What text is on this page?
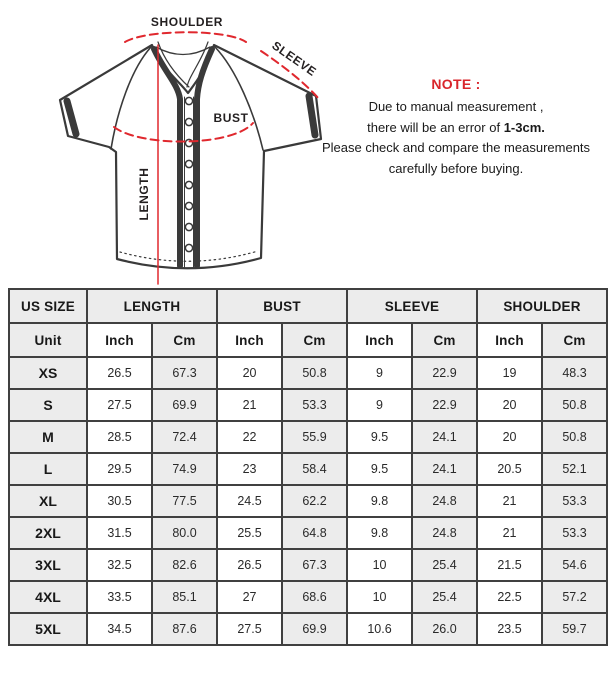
SHOULDER
SLEEVE
BUST
LENGTH
NOTE :
Due to manual measurement ,
there will be an error of 1-3cm.
Please check and compare the measurements
carefully before buying.
US SIZE	LENGTH		BUST		SLEEVE		SHOULDER	
Unit	Inch	Cm	Inch	Cm	Inch	Cm	Inch	Cm
XS	26.5	67.3	20	50.8	9	22.9	19	48.3
S	27.5	69.9	21	53.3	9	22.9	20	50.8
M	28.5	72.4	22	55.9	9.5	24.1	20	50.8
L	29.5	74.9	23	58.4	9.5	24.1	20.5	52.1
XL	30.5	77.5	24.5	62.2	9.8	24.8	21	53.3
2XL	31.5	80.0	25.5	64.8	9.8	24.8	21	53.3
3XL	32.5	82.6	26.5	67.3	10	25.4	21.5	54.6
4XL	33.5	85.1	27	68.6	10	25.4	22.5	57.2
5XL	34.5	87.6	27.5	69.9	10.6	26.0	23.5	59.7
